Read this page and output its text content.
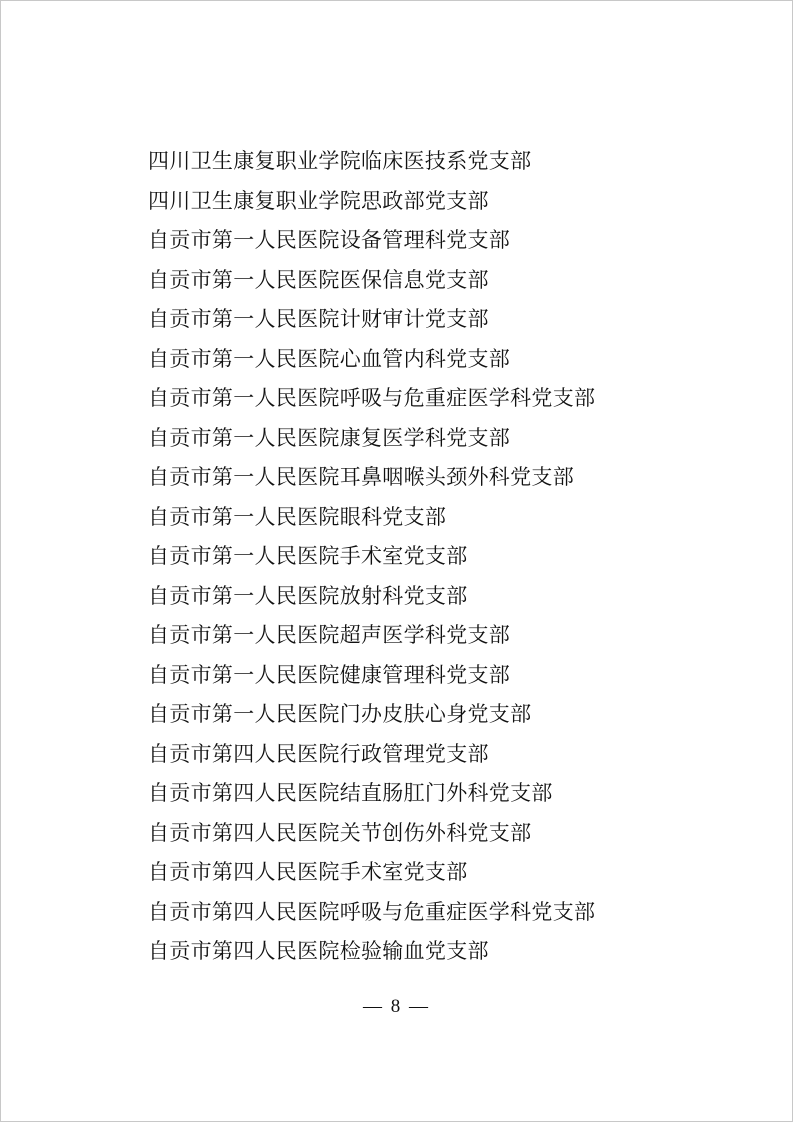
四川卫生康复职业学院临床医技系党支部
四川卫生康复职业学院思政部党支部
自贡市第一人民医院设备管理科党支部
自贡市第一人民医院医保信息党支部
自贡市第一人民医院计财审计党支部
自贡市第一人民医院心血管内科党支部
自贡市第一人民医院呼吸与危重症医学科党支部
自贡市第一人民医院康复医学科党支部
自贡市第一人民医院耳鼻咽喉头颈外科党支部
自贡市第一人民医院眼科党支部
自贡市第一人民医院手术室党支部
自贡市第一人民医院放射科党支部
自贡市第一人民医院超声医学科党支部
自贡市第一人民医院健康管理科党支部
自贡市第一人民医院门办皮肤心身党支部
自贡市第四人民医院行政管理党支部
自贡市第四人民医院结直肠肛门外科党支部
自贡市第四人民医院关节创伤外科党支部
自贡市第四人民医院手术室党支部
自贡市第四人民医院呼吸与危重症医学科党支部
自贡市第四人民医院检验输血党支部
— 8 —
